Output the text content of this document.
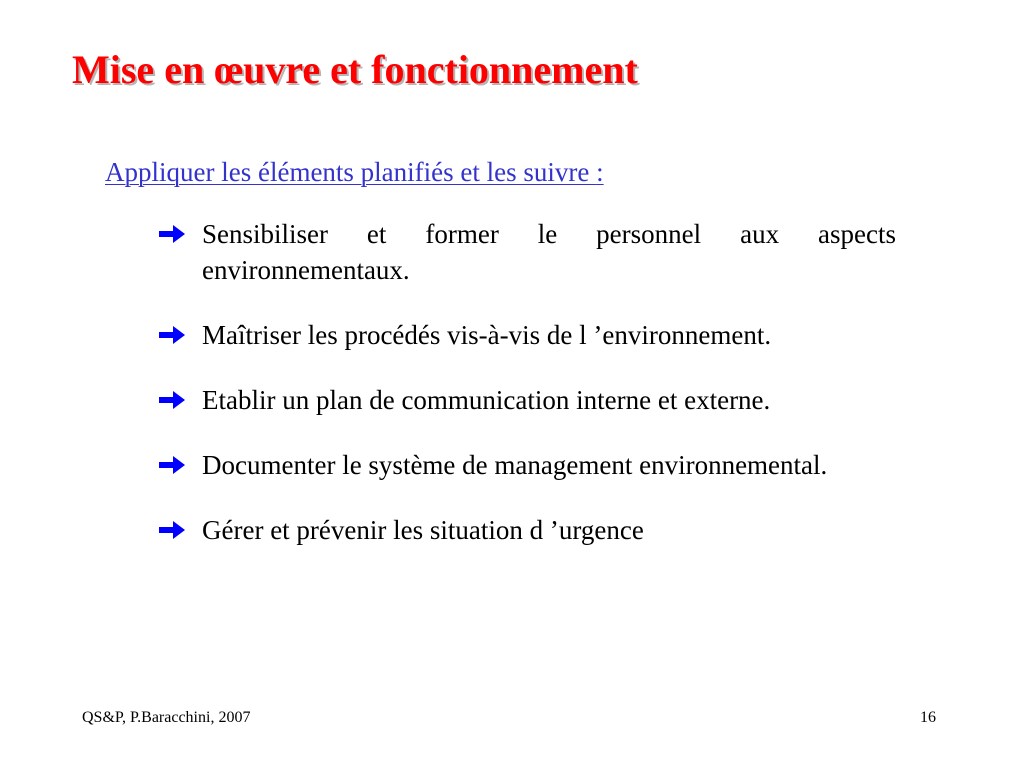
Mise en œuvre et fonctionnement

Appliquer les éléments planifiés et les suivre :

Sensibiliser et former le personnel aux aspects environnementaux.
Maîtriser les procédés vis-à-vis de l ’environnement.
Etablir un plan de communication interne et externe.
Documenter le système de management environnemental.
Gérer et prévenir les situation d ’urgence
QS&P, P.Baracchini, 2007	16
